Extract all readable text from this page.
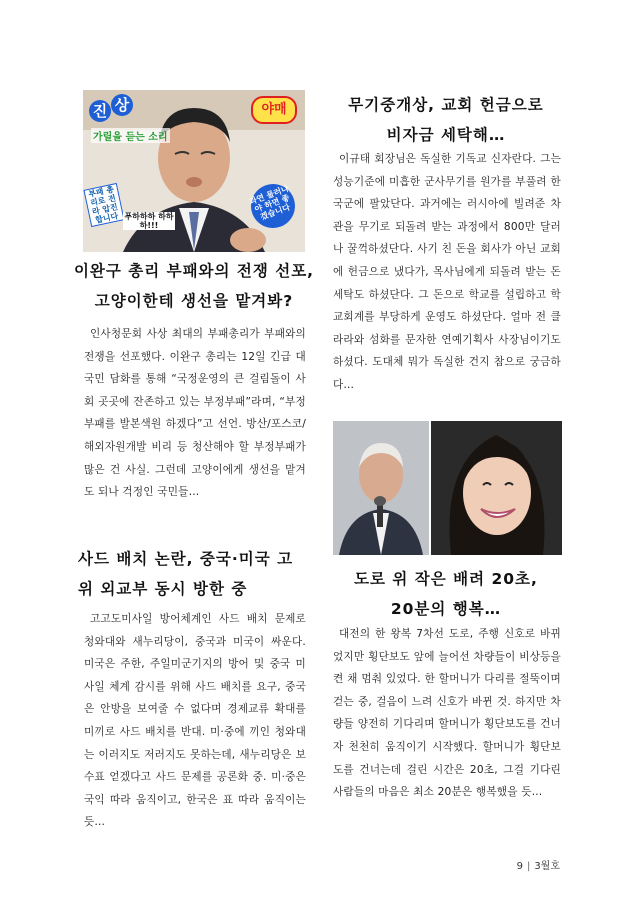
진 상
가릴을 듣는 소리
야매
부패 총리로 전라 압진합니다
과연 물러나야 하면 좋겠습니다
푸하하하 하하하!!!
이완구 총리 부패와의 전쟁 선포,
고양이한테 생선을 맡겨봐?
인사청문회 사상 최대의 부패총리가 부패와의 전쟁을 선포했다. 이완구 총리는 12일 긴급 대국민 담화를 통해 “국정운영의 큰 걸림돌이 사회 곳곳에 잔존하고 있는 부정부패”라며, “부정부패를 발본색원 하겠다”고 선언. 방산/포스코/해외자원개발 비리 등 청산해야 할 부정부패가 많은 건 사실. 그런데 고양이에게 생선을 맡겨도 되나 걱정인 국민들…
사드 배치 논란, 중국·미국 고
위 외교부 동시 방한 중
고고도미사일 방어체계인 사드 배치 문제로 청와대와 새누리당이, 중국과 미국이 싸운다. 미국은 주한, 주일미군기지의 방어 및 중국 미사일 체계 감시를 위해 사드 배치를 요구, 중국은 안방을 보여줄 수 없다며 경제교류 확대를 미끼로 사드 배치를 반대. 미·중에 끼인 청와대는 이러지도 저러지도 못하는데, 새누리당은 보수표 얻겠다고 사드 문제를 공론화 중. 미·중은 국익 따라 움직이고, 한국은 표 따라 움직이는 듯…
무기중개상, 교회 헌금으로
비자금 세탁해…
이규태 회장님은 독실한 기독교 신자란다. 그는 성능기준에 미흡한 군사무기를 원가를 부풀려 한국군에 팔았단다. 과거에는 러시아에 빌려준 차관을 무기로 되돌려 받는 과정에서 800만 달러나 꿀꺽하셨단다. 사기 친 돈을 회사가 아닌 교회에 헌금으로 냈다가, 목사님에게 되돌려 받는 돈세탁도 하셨단다. 그 돈으로 학교를 설립하고 학교회계를 부당하게 운영도 하셨단다. 얼마 전 클라라와 섬화를 문자한 연예기획사 사장님이기도 하셨다. 도대체 뭐가 독실한 건지 참으로 궁금하다…
도로 위 작은 배려 20초,
20분의 행복…
대전의 한 왕복 7차선 도로, 주행 신호로 바뀌었지만 횡단보도 앞에 늘어선 차량들이 비상등을 켠 채 멈춰 있었다. 한 할머니가 다리를 절뚝이며 걷는 중, 걸음이 느려 신호가 바뀐 것. 하지만 차량들 양전히 기다리며 할머니가 횡단보도를 건너자 천천히 움직이기 시작했다. 할머니가 횡단보도를 건너는데 걸린 시간은 20초, 그걸 기다린 사람들의 마음은 최소 20분은 행복했을 듯…
9 | 3월호
